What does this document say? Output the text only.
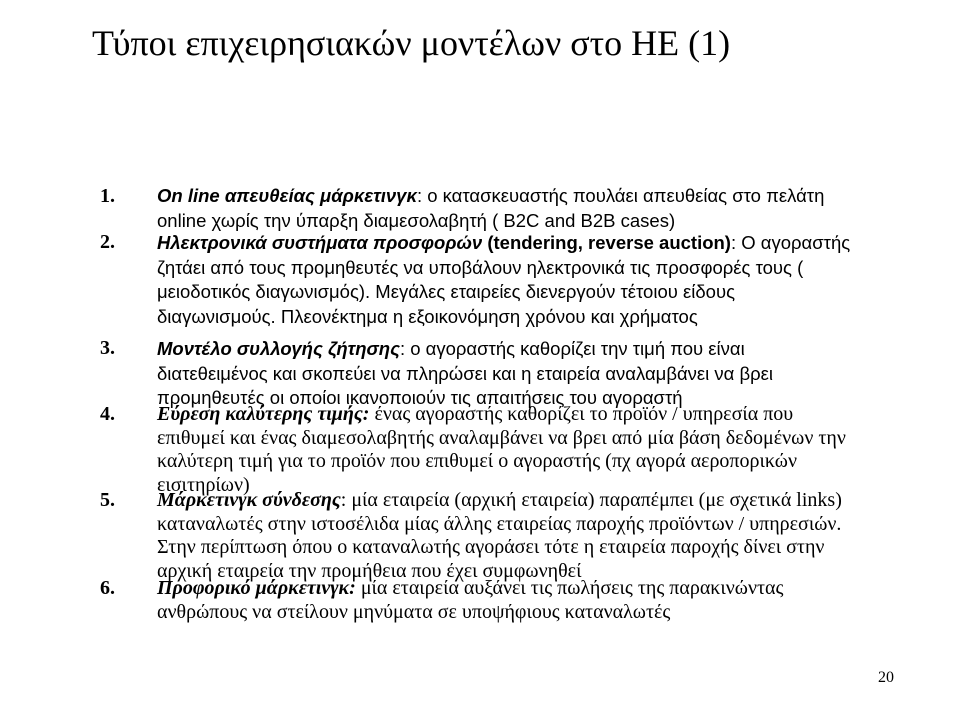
Τύποι επιχειρησιακών μοντέλων στο ΗΕ (1)
1. On line απευθείας μάρκετινγκ: ο κατασκευαστής πουλάει απευθείας στο πελάτη online χωρίς την ύπαρξη διαμεσολαβητή ( B2C and B2B cases)
2. Ηλεκτρονικά συστήματα προσφορών (tendering, reverse auction): Ο αγοραστής ζητάει από τους προμηθευτές να υποβάλουν ηλεκτρονικά τις προσφορές τους ( μειοδοτικός διαγωνισμός). Μεγάλες εταιρείες διενεργούν τέτοιου είδους διαγωνισμούς. Πλεονέκτημα η εξοικονόμηση χρόνου και χρήματος
3. Μοντέλο συλλογής ζήτησης: ο αγοραστής καθορίζει την τιμή που είναι διατεθειμένος και σκοπεύει να πληρώσει και η εταιρεία αναλαμβάνει να βρει προμηθευτές οι οποίοι ικανοποιούν τις απαιτήσεις του αγοραστή
4. Εύρεση καλύτερης τιμής: ένας αγοραστής καθορίζει το προϊόν / υπηρεσία που επιθυμεί και ένας διαμεσολαβητής αναλαμβάνει να βρει από μία βάση δεδομένων την καλύτερη τιμή για το προϊόν που επιθυμεί ο αγοραστής (πχ αγορά αεροπορικών εισιτηρίων)
5. Μάρκετινγκ σύνδεσης: μία εταιρεία (αρχική εταιρεία) παραπέμπει (με σχετικά links) καταναλωτές στην ιστοσέλιδα μίας άλλης εταιρείας παροχής προϊόντων / υπηρεσιών. Στην περίπτωση όπου ο καταναλωτής αγοράσει τότε η εταιρεία παροχής δίνει στην αρχική εταιρεία την προμήθεια που έχει συμφωνηθεί
6. Προφορικό μάρκετινγκ: μία εταιρεία αυξάνει τις πωλήσεις της παρακινώντας ανθρώπους να στείλουν μηνύματα σε υποψήφιους καταναλωτές
20
